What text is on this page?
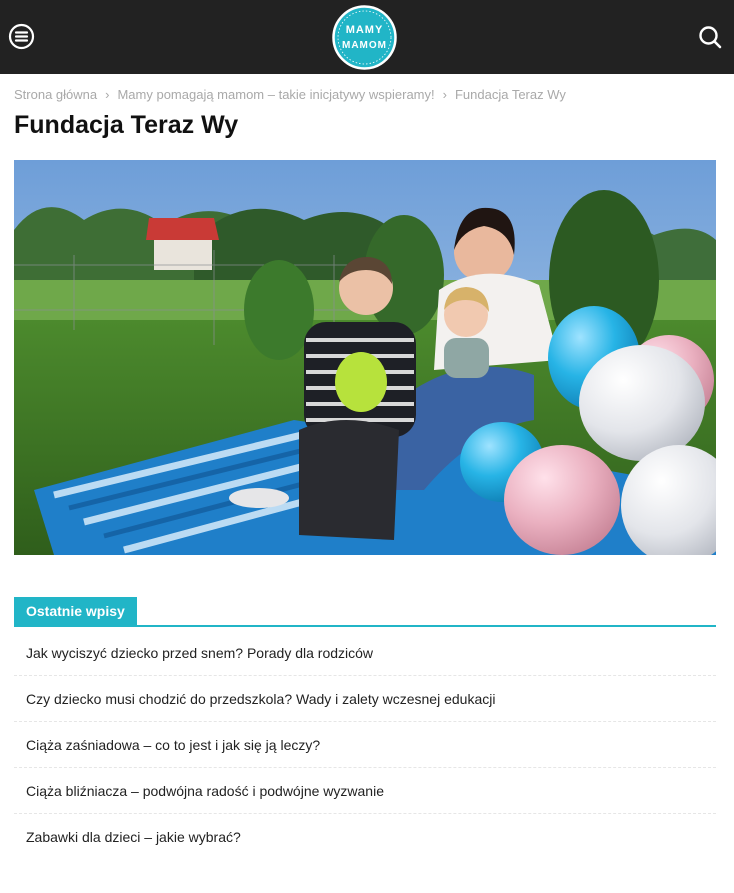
MAMY
MAMOM
Strona główna › Mamy pomagają mamom – takie inicjatywy wspieramy! › Fundacja Teraz Wy
Fundacja Teraz Wy
Ostatnie wpisy
Jak wyciszyć dziecko przed snem? Porady dla rodziców
Czy dziecko musi chodzić do przedszkola? Wady i zalety wczesnej edukacji
Ciąża zaśniadowa – co to jest i jak się ją leczy?
Ciąża bliźniacza – podwójna radość i podwójne wyzwanie
Zabawki dla dzieci – jakie wybrać?
